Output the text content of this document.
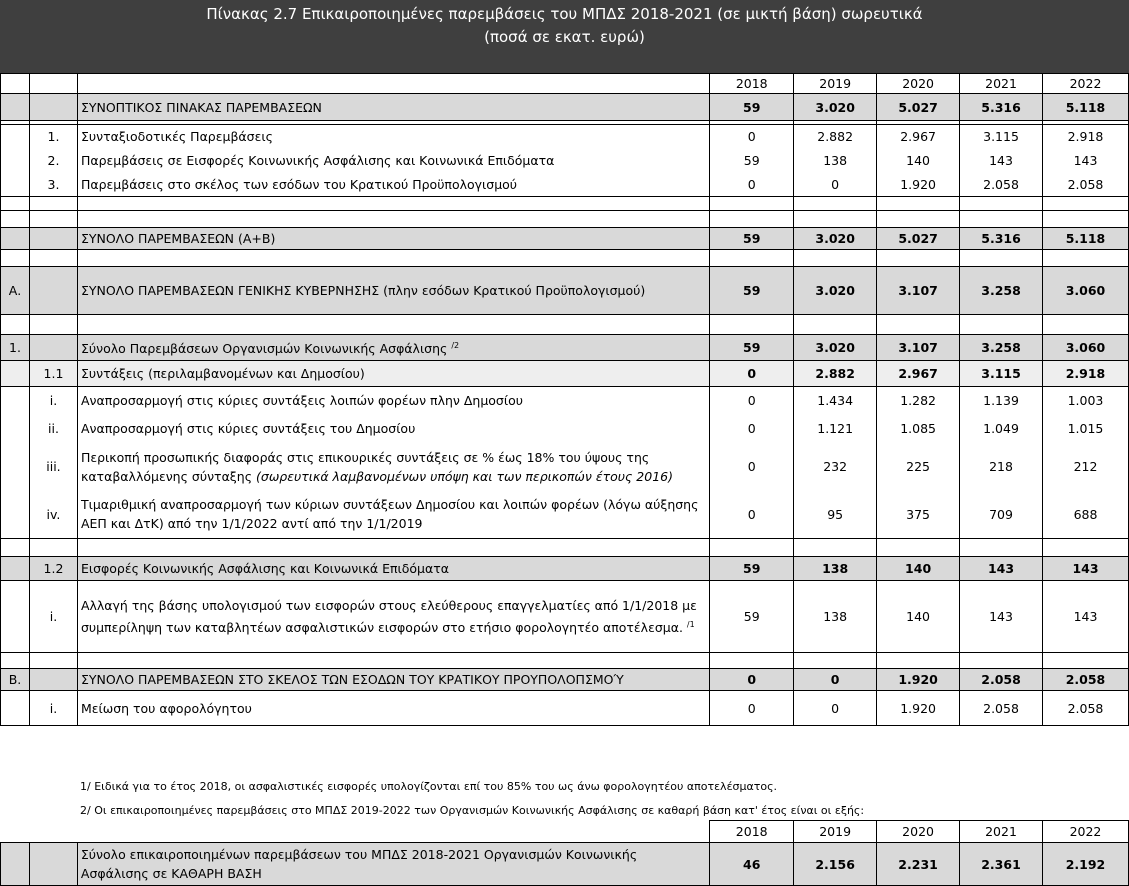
Πίνακας 2.7 Επικαιροποιημένες παρεμβάσεις του ΜΠΔΣ 2018-2021 (σε μικτή βάση) σωρευτικά
(ποσά σε εκατ. ευρώ)
			2018	2019	2020	2021	2022
		ΣΥΝΟΠΤΙΚΟΣ ΠΙΝΑΚΑΣ ΠΑΡΕΜΒΑΣΕΩΝ	59	3.020	5.027	5.316	5.118

	1.	Συνταξιοδοτικές Παρεμβάσεις	0	2.882	2.967	3.115	2.918
	2.	Παρεμβάσεις σε Εισφορές Κοινωνικής Ασφάλισης και Κοινωνικά Επιδόματα	59	138	140	143	143
	3.	Παρεμβάσεις στο σκέλος των εσόδων του Κρατικού Προϋπολογισμού	0	0	1.920	2.058	2.058

		ΣΥΝΟΛΟ ΠΑΡΕΜΒΑΣΕΩΝ (Α+Β)	59	3.020	5.027	5.316	5.118

Α.		ΣΥΝΟΛΟ ΠΑΡΕΜΒΑΣΕΩΝ ΓΕΝΙΚΗΣ ΚΥΒΕΡΝΗΣΗΣ (πλην εσόδων Κρατικού Προϋπολογισμού)	59	3.020	3.107	3.258	3.060

1.		Σύνολο Παρεμβάσεων Οργανισμών Κοινωνικής Ασφάλισης $^{/2}$	59	3.020	3.107	3.258	3.060
	1.1	Συντάξεις (περιλαμβανομένων και Δημοσίου)	0	2.882	2.967	3.115	2.918
	i.	Αναπροσαρμογή στις κύριες συντάξεις λοιπών φορέων πλην Δημοσίου	0	1.434	1.282	1.139	1.003
	ii.	Αναπροσαρμογή στις κύριες συντάξεις του Δημοσίου	0	1.121	1.085	1.049	1.015
	iii.	Περικοπή προσωπικής διαφοράς στις επικουρικές συντάξεις σε % έως 18% του ύψους της καταβαλλόμενης σύνταξης (σωρευτικά λαμβανομένων υπόψη και των περικοπών έτους 2016)	0	232	225	218	212
	iv.	Τιμαριθμική αναπροσαρμογή των κύριων συντάξεων Δημοσίου και λοιπών φορέων (λόγω αύξησης ΑΕΠ και ΔτΚ) από την 1/1/2022 αντί από την 1/1/2019	0	95	375	709	688

	1.2	Εισφορές Κοινωνικής Ασφάλισης και Κοινωνικά Επιδόματα	59	138	140	143	143
	i.	Αλλαγή της βάσης υπολογισμού των εισφορών στους ελεύθερους επαγγελματίες από 1/1/2018 με συμπερίληψη των καταβλητέων ασφαλιστικών εισφορών στο ετήσιο φορολογητέο αποτέλεσμα. $^{/1}$	59	138	140	143	143

Β.		ΣΥΝΟΛΟ ΠΑΡΕΜΒΑΣΕΩΝ ΣΤΟ ΣΚΕΛΟΣ ΤΩΝ ΕΣΟΔΩΝ ΤΟΥ ΚΡΑΤΙΚΟΥ ΠΡΟΥΠΟΛΟΠΣΜΟΎ	0	0	1.920	2.058	2.058
	i.	Μείωση του αφορολόγητου	0	0	1.920	2.058	2.058
1/ Ειδικά για το έτος 2018, οι ασφαλιστικές εισφορές υπολογίζονται επί του 85% του ως άνω φορολογητέου αποτελέσματος.
2/ Οι επικαιροποιημένες παρεμβάσεις στο ΜΠΔΣ 2019-2022 των Οργανισμών Κοινωνικής Ασφάλισης σε καθαρή βάση κατ' έτος είναι οι εξής:
			2018	2019	2020	2021	2022
		Σύνολο επικαιροποιημένων παρεμβάσεων του ΜΠΔΣ 2018-2021 Οργανισμών Κοινωνικής Ασφάλισης σε ΚΑΘΑΡΗ ΒΑΣΗ	46	2.156	2.231	2.361	2.192
